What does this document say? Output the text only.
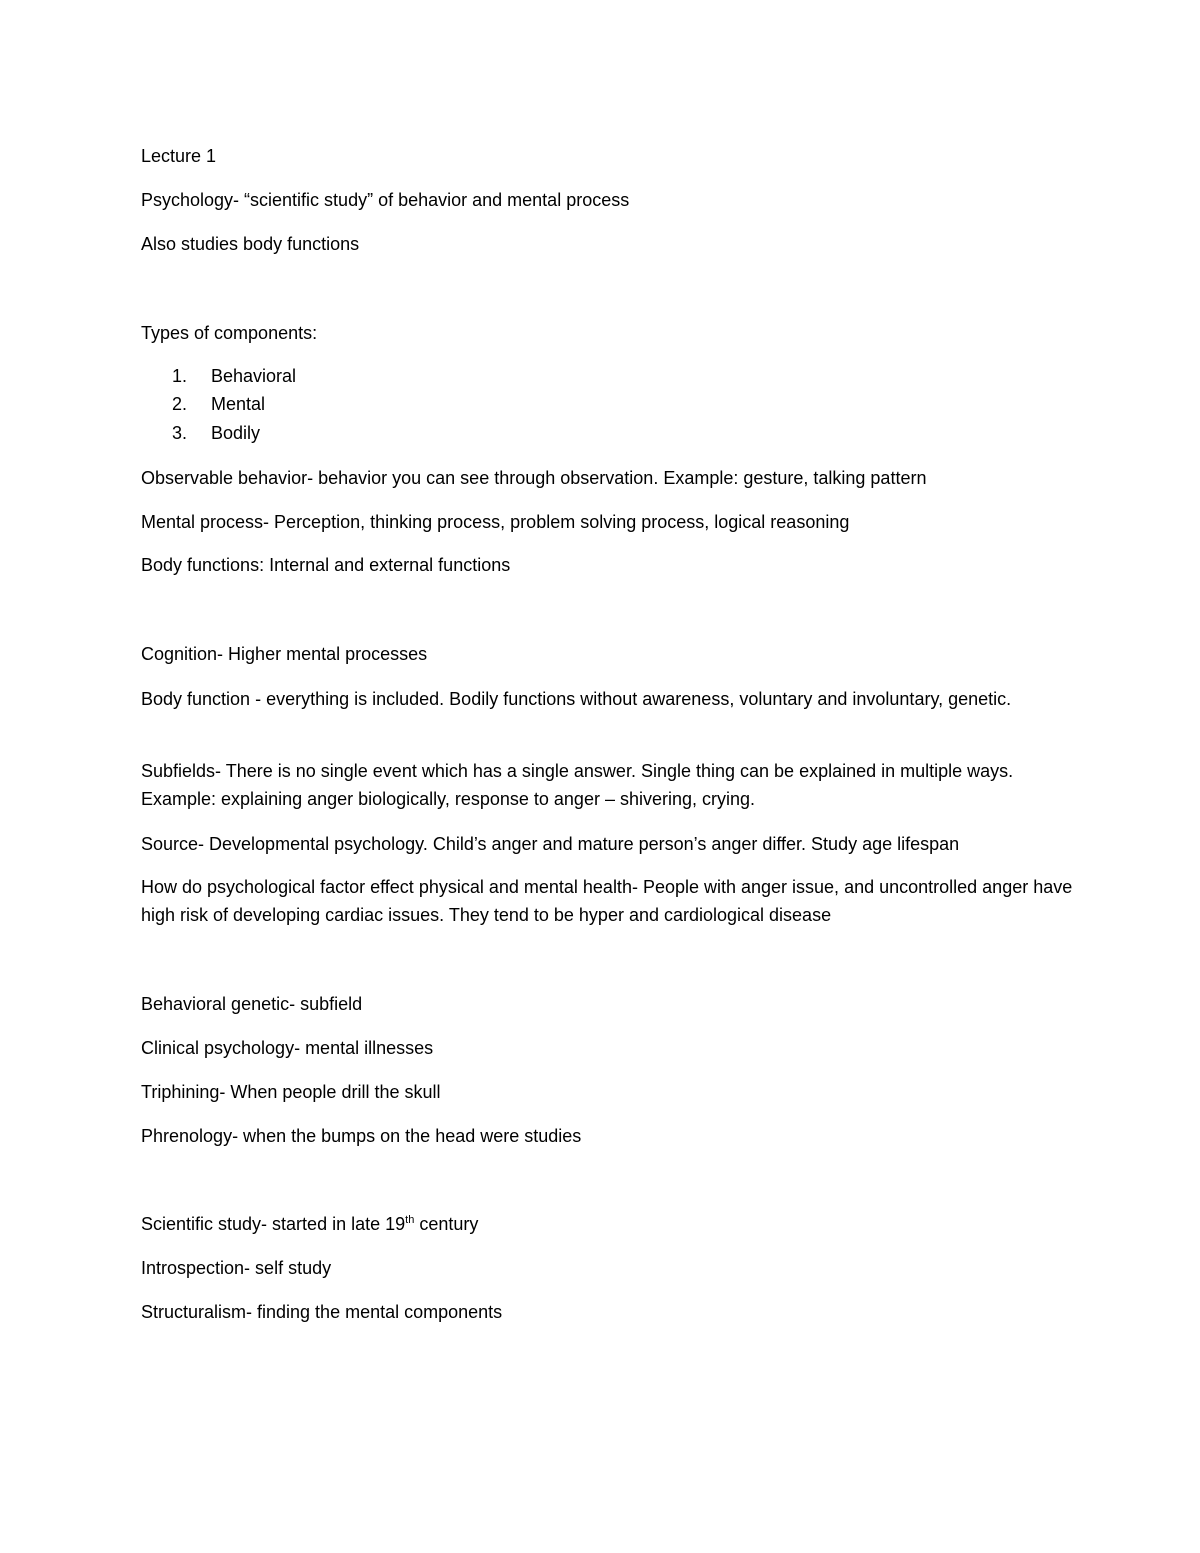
Lecture 1
Psychology- “scientific study” of behavior and mental process
Also studies body functions
Types of components:
1. Behavioral
2. Mental
3. Bodily
Observable behavior- behavior you can see through observation. Example: gesture, talking pattern
Mental process- Perception, thinking process, problem solving process, logical reasoning
Body functions: Internal and external functions
Cognition- Higher mental processes
Body function - everything is included. Bodily functions without awareness, voluntary and involuntary, genetic.
Subfields- There is no single event which has a single answer. Single thing can be explained in multiple ways. Example: explaining anger biologically, response to anger – shivering, crying.
Source- Developmental psychology. Child’s anger and mature person’s anger differ. Study age lifespan
How do psychological factor effect physical and mental health- People with anger issue, and uncontrolled anger have high risk of developing cardiac issues. They tend to be hyper and cardiological disease
Behavioral genetic- subfield
Clinical psychology- mental illnesses
Triphining- When people drill the skull
Phrenology- when the bumps on the head were studies
Scientific study- started in late 19th century
Introspection- self study
Structuralism- finding the mental components
